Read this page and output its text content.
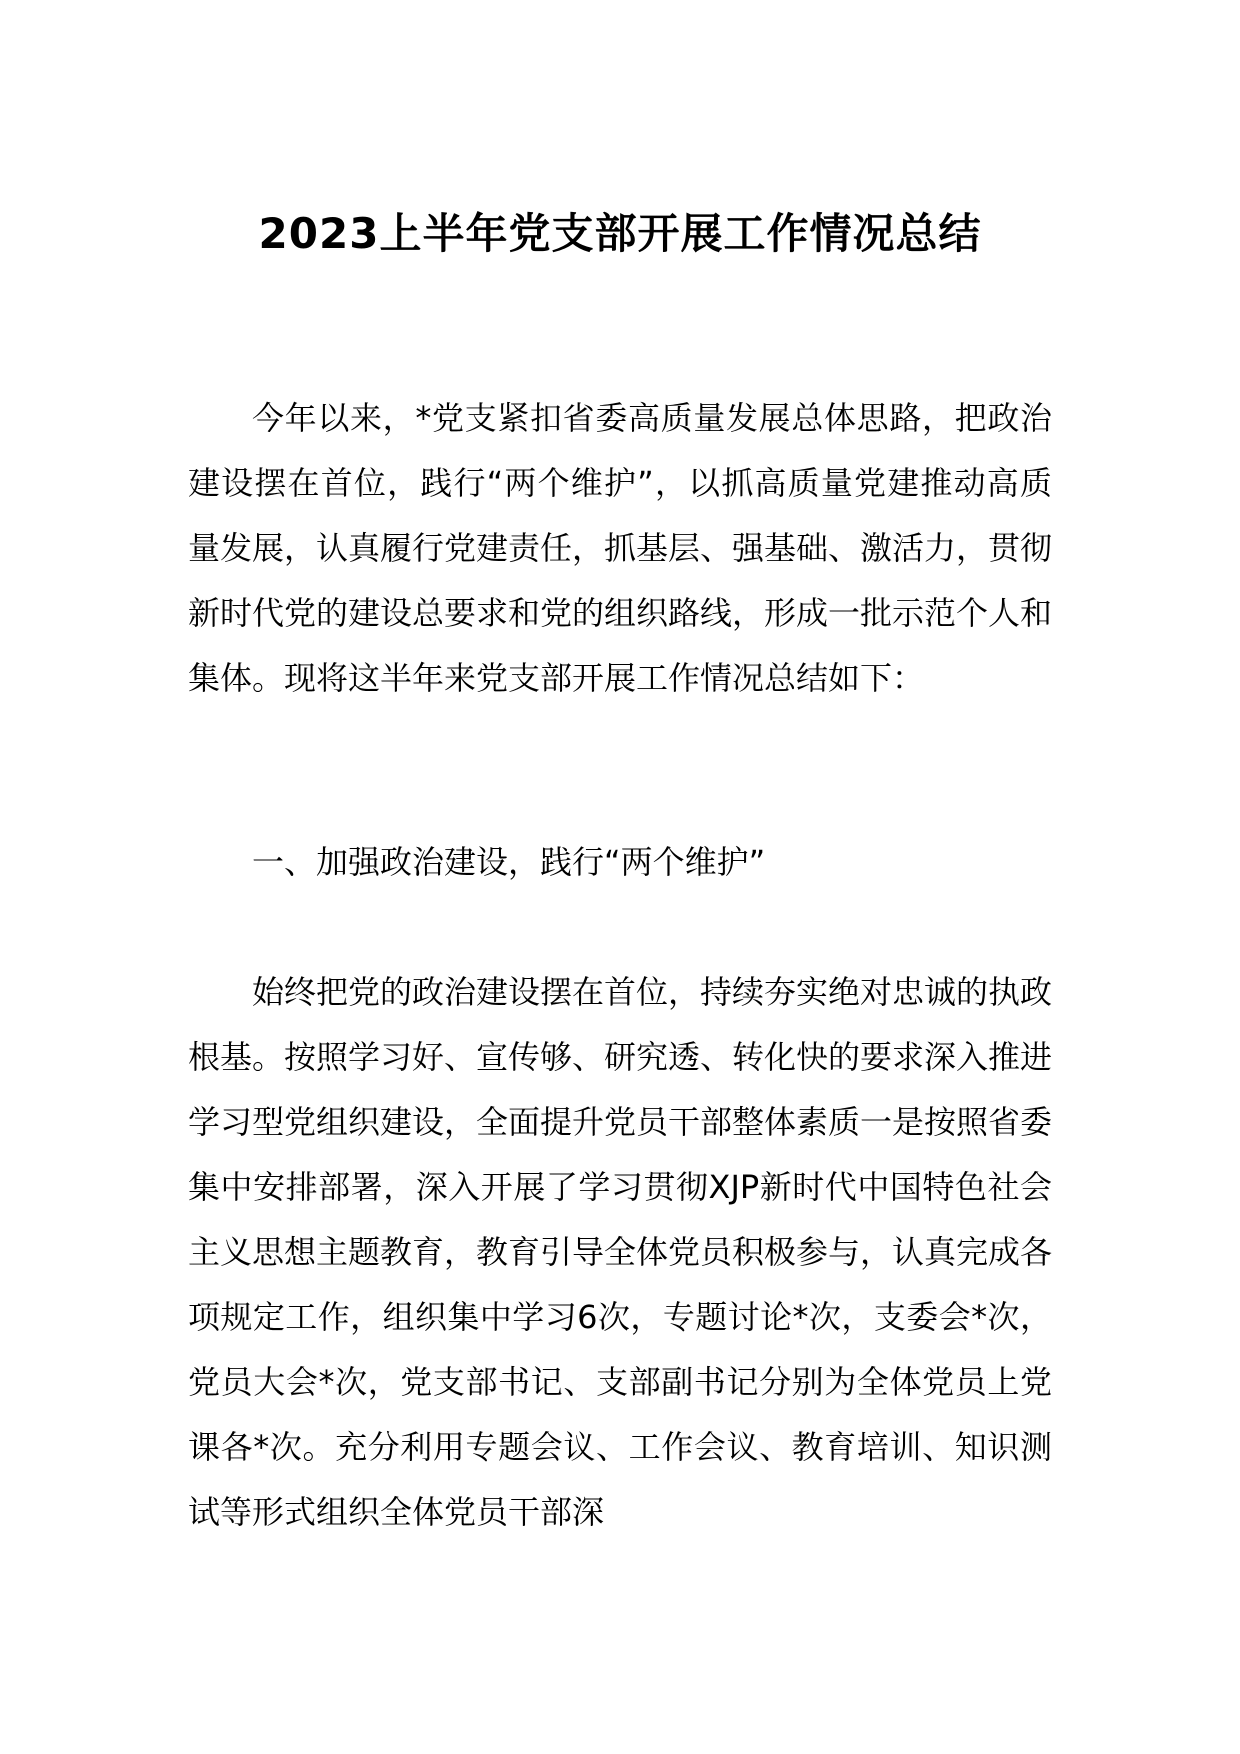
2023上半年党支部开展工作情况总结

今年以来，*党支紧扣省委高质量发展总体思路，把政治建设摆在首位，践行“两个维护”，以抓高质量党建推动高质量发展，认真履行党建责任，抓基层、强基础、激活力，贯彻新时代党的建设总要求和党的组织路线，形成一批示范个人和集体。现将这半年来党支部开展工作情况总结如下：

一、加强政治建设，践行“两个维护”

始终把党的政治建设摆在首位，持续夯实绝对忠诚的执政根基。按照学习好、宣传够、研究透、转化快的要求深入推进学习型党组织建设，全面提升党员干部整体素质一是按照省委集中安排部署，深入开展了学习贯彻XJP新时代中国特色社会主义思想主题教育，教育引导全体党员积极参与，认真完成各项规定工作，组织集中学习6次，专题讨论*次，支委会*次，党员大会*次，党支部书记、支部副书记分别为全体党员上党课各*次。充分利用专题会议、工作会议、教育培训、知识测试等形式组织全体党员干部深
